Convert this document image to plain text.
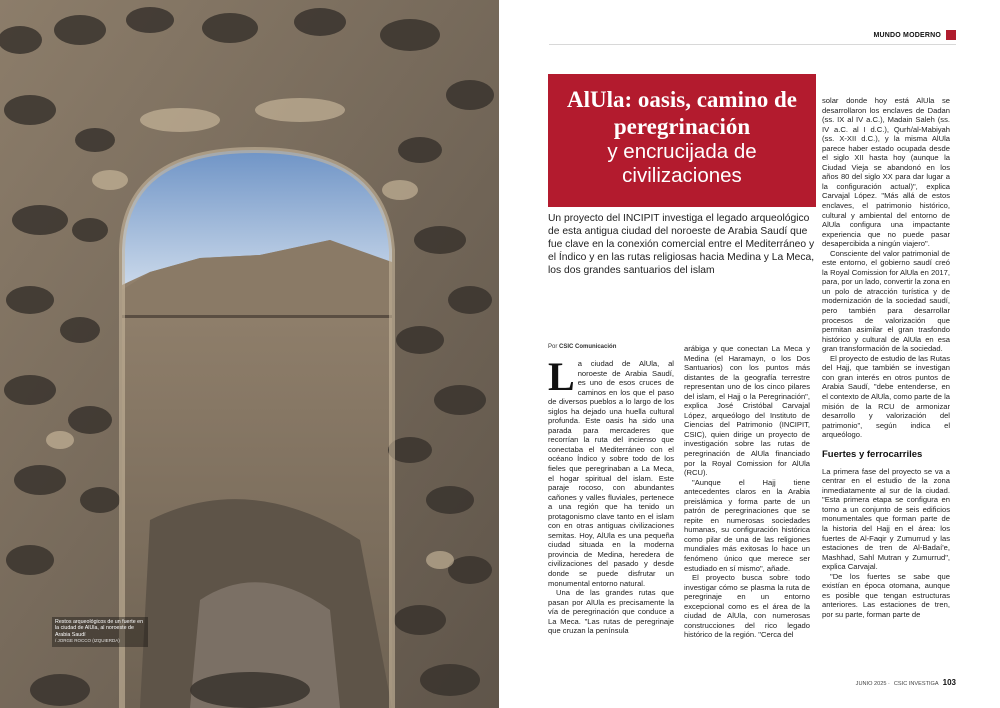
Restos arqueológicos de un fuerte en la ciudad de AlUla, al noroeste de Arabia Saudí
/ JORGE ROCCO (IZQUIERDA)
MUNDO MODERNO
AlUla: oasis, camino de peregrinación
y encrucijada de civilizaciones
Un proyecto del INCIPIT investiga el legado arqueológico de esta antigua ciudad del noroeste de Arabia Saudí que fue clave en la conexión comercial entre el Mediterráneo y el Índico y en las rutas religiosas hacia Medina y La Meca, los dos grandes santuarios del islam
Por CSIC Comunicación

La ciudad de AlUla, al noroeste de Arabia Saudí, es uno de esos cruces de caminos en los que el paso de diversos pueblos a lo largo de los siglos ha dejado una huella cultural profunda. Este oasis ha sido una parada para mercaderes que recorrían la ruta del incienso que conectaba el Mediterráneo con el océano Índico y sobre todo de los fieles que peregrinaban a La Meca, el hogar spiritual del islam. Este paraje rocoso, con abundantes cañones y valles fluviales, pertenece a una región que ha tenido un protagonismo clave tanto en el islam con en otras antiguas civilizaciones semitas. Hoy, AlUla es una pequeña ciudad situada en la moderna provincia de Medina, heredera de civilizaciones del pasado y desde donde se puede disfrutar un monumental entorno natural.

Una de las grandes rutas que pasan por AlUla es precisamente la vía de peregrinación que conduce a La Meca. "Las rutas de peregrinaje que cruzan la península

arábiga y que conectan La Meca y Medina (el Haramayn, o los Dos Santuarios) con los puntos más distantes de la geografía terrestre representan uno de los cinco pilares del islam, el Hajj o la Peregrinación", explica José Cristóbal Carvajal López, arqueólogo del Instituto de Ciencias del Patrimonio (INCIPIT, CSIC), quien dirige un proyecto de investigación sobre las rutas de peregrinación de AlUla financiado por la Royal Comission for AlUla (RCU).

"Aunque el Hajj tiene antecedentes claros en la Arabia preislámica y forma parte de un patrón de peregrinaciones que se repite en numerosas sociedades humanas, su configuración histórica como pilar de una de las religiones mundiales más exitosas lo hace un fenómeno único que merece ser estudiado en sí mismo", añade.

El proyecto busca sobre todo investigar cómo se plasma la ruta de peregrinaje en un entorno excepcional como es el área de la ciudad de AlUla, con numerosas construcciones del rico legado histórico de la región. "Cerca del

solar donde hoy está AlUla se desarrollaron los enclaves de Dadan (ss. IX al IV a.C.), Madain Saleh (ss. IV a.C. al I d.C.), Qurh/al-Mabiyah (ss. X-XII d.C.), y la misma AlUla parece haber estado ocupada desde el siglo XII hasta hoy (aunque la Ciudad Vieja se abandonó en los años 80 del siglo XX para dar lugar a la configuración actual)", explica Carvajal López. "Más allá de estos enclaves, el patrimonio histórico, cultural y ambiental del entorno de AlUla configura una impactante experiencia que no puede pasar desapercibida a ningún viajero".

Consciente del valor patrimonial de este entorno, el gobierno saudí creó la Royal Comission for AlUla en 2017, para, por un lado, convertir la zona en un polo de atracción turística y de modernización de la sociedad saudí, pero también para desarrollar procesos de valorización que permitan asimilar el gran trasfondo histórico y cultural de AlUla en esa gran transformación de la sociedad.

El proyecto de estudio de las Rutas del Hajj, que también se investigan con gran interés en otros puntos de Arabia Saudí, "debe entenderse, en el contexto de AlUla, como parte de la misión de la RCU de armonizar desarrollo y valorización del patrimonio", según indica el arqueólogo.

Fuertes y ferrocarriles

La primera fase del proyecto se va a centrar en el estudio de la zona inmediatamente al sur de la ciudad. "Esta primera etapa se configura en torno a un conjunto de seis edificios monumentales que forman parte de la historia del Hajj en el área: los fuertes de Al-Faqir y Zumurrud y las estaciones de tren de Al-Badaí'e, Mashhad, Sahl Mutran y Zumurrud", explica Carvajal.

"De los fuertes se sabe que existían en época otomana, aunque es posible que tengan estructuras anteriores. Las estaciones de tren, por su parte, forman parte de

JUNIO 2025 · CSIC INVESTIGA 103
